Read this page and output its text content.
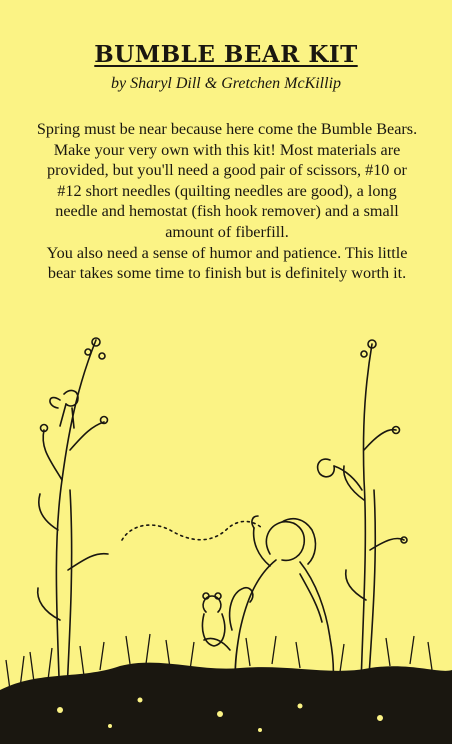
BUMBLE BEAR KIT
by Sharyl Dill & Gretchen McKillip

Spring must be near because here come the Bumble Bears. Make your very own with this kit! Most materials are provided, but you'll need a good pair of scissors, #10 or #12 short needles (quilting needles are good), a long needle and hemostat (fish hook remover) and a small amount of fiberfill.

You also need a sense of humor and patience. This little bear takes some time to finish but is definitely worth it.
